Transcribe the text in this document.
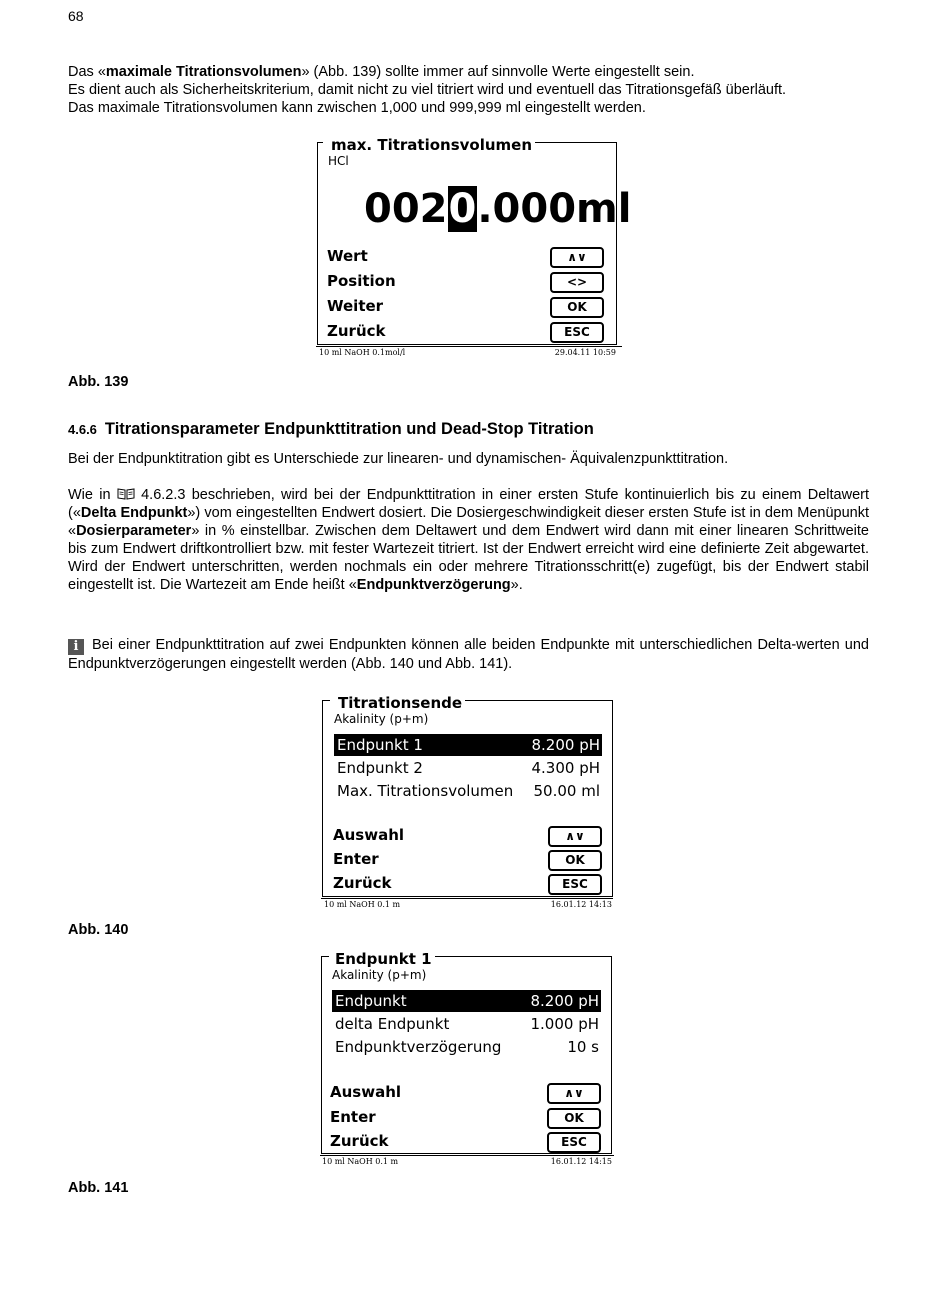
68
Das «maximale Titrationsvolumen» (Abb. 139) sollte immer auf sinnvolle Werte eingestellt sein.
Es dient auch als Sicherheitskriterium, damit nicht zu viel titriert wird und eventuell das Titrationsgefäß überläuft.
Das maximale Titrationsvolumen kann zwischen 1,000 und 999,999 ml eingestellt werden.
max. Titrationsvolumen
HCl
0020.000ml
Wert	∧∨
Position	<>
Weiter	OK
Zurück	ESC
10 ml NaOH 0.1mol/l	29.04.11 10:59
Abb. 139
4.6.6 Titrationsparameter Endpunkttitration und Dead-Stop Titration
Bei der Endpunktitration gibt es Unterschiede zur linearen- und dynamischen- Äquivalenzpunkttitration.
Wie in  4.6.2.3 beschrieben, wird bei der Endpunkttitration in einer ersten Stufe kontinuierlich bis zu einem Deltawert («Delta Endpunkt») vom eingestellten Endwert dosiert. Die Dosiergeschwindigkeit dieser ersten Stufe ist in dem Menüpunkt «Dosierparameter» in % einstellbar. Zwischen dem Deltawert und dem Endwert wird dann mit einer linearen Schrittweite bis zum Endwert driftkontrolliert bzw. mit fester Wartezeit titriert. Ist der Endwert erreicht wird eine definierte Zeit abgewartet. Wird der Endwert unterschritten, werden nochmals ein oder mehrere Titrationsschritt(e) zugefügt, bis der Endwert stabil eingestellt ist. Die Wartezeit am Ende heißt «Endpunktverzögerung».
i Bei einer Endpunkttitration auf zwei Endpunkten können alle beiden Endpunkte mit unterschiedlichen Delta-werten und Endpunktverzögerungen eingestellt werden (Abb. 140 und Abb. 141).
Titrationsende
Akalinity (p+m)
Endpunkt 1	8.200 pH
Endpunkt 2	4.300 pH
Max. Titrationsvolumen 50.00 ml
Auswahl	∧∨
Enter	OK
Zurück	ESC
10 ml NaOH 0.1 m	16.01.12 14:13
Abb. 140
Endpunkt 1
Akalinity (p+m)
Endpunkt	8.200 pH
delta Endpunkt	1.000 pH
Endpunktverzögerung	10 s
Auswahl	∧∨
Enter	OK
Zurück	ESC
10 ml NaOH 0.1 m	16.01.12 14:15
Abb. 141
